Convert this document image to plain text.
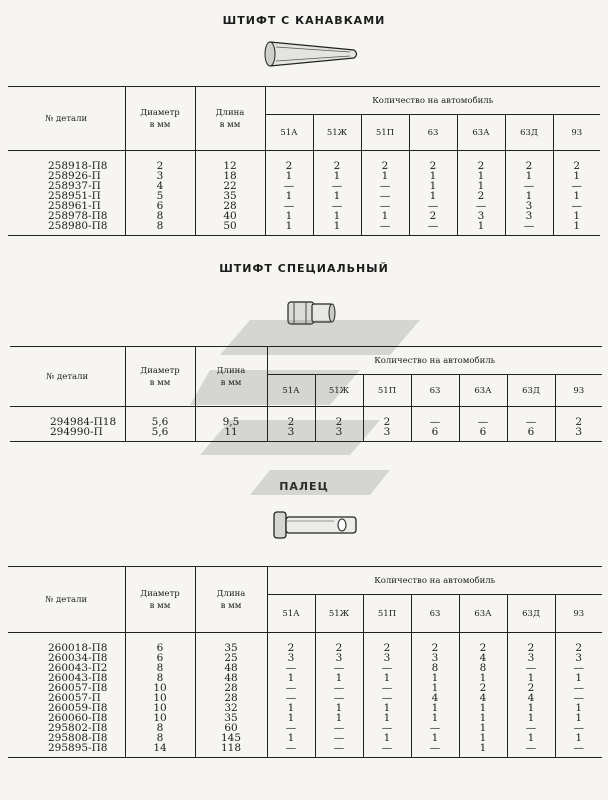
ШТИФТ С КАНАВКАМИ
ШТИФТ СПЕЦИАЛЬНЫЙ
ПАЛЕЦ
№ детали	Диаметр
в мм	Длина
в мм	Количество на автомобиль						
			51А	51Ж	51П	63	63А	63Д	93
258918-П8	2	12	2	2	2	2	2	2	2
258926-П	3	18	1	1	1	1	1	1	1
258937-П	4	22	—	—	—	1	1	—	—
258951-П	5	35	1	1	—	1	2	1	1
258961-П	6	28	—	—	—	—	—	3	—
258978-П8	8	40	1	1	1	2	3	3	1
258980-П8	8	50	1	1	—	—	1	—	1
№ детали	Диаметр
в мм	Длина
в мм	Количество на автомобиль						
			51А	51Ж	51П	63	63А	63Д	93
294984-П18	5,6	9,5	2	2	2	—	—	—	2
294990-П	5,6	11	3	3	3	6	6	6	3
№ детали	Диаметр
в мм	Длина
в мм	Количество на автомобиль						
			51А	51Ж	51П	63	63А	63Д	93
260018-П8	6	35	2	2	2	2	2	2	2
260034-П8	6	25	3	3	3	3	4	3	3
260043-П2	8	48	—	—	—	8	8	—	—
260043-П8	8	48	1	1	1	1	1	1	1
260057-П8	10	28	—	—	—	1	2	2	—
260057-П	10	28	—	—	—	4	4	4	—
260059-П8	10	32	1	1	1	1	1	1	1
260060-П8	10	35	1	1	1	1	1	1	1
295802-П8	8	60	—	—	—	—	1	—	—
295808-П8	8	145	1	—	1	1	1	1	1
295895-П8	14	118	—	—	—	—	1	—	—
